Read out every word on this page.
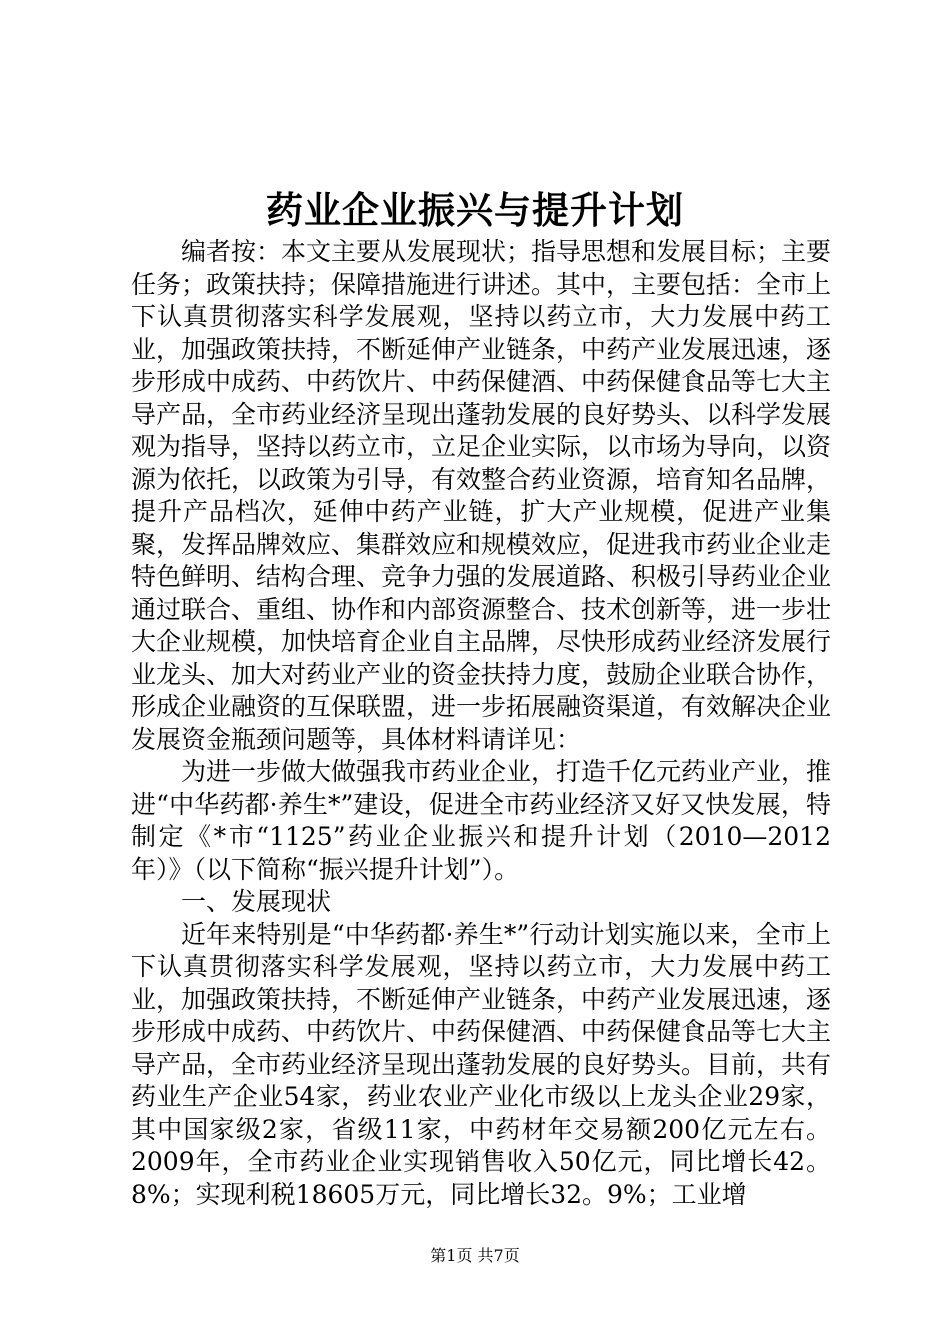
药业企业振兴与提升计划

编者按：本文主要从发展现状；指导思想和发展目标；主要任务；政策扶持；保障措施进行讲述。其中，主要包括：全市上下认真贯彻落实科学发展观，坚持以药立市，大力发展中药工业，加强政策扶持，不断延伸产业链条，中药产业发展迅速，逐步形成中成药、中药饮片、中药保健酒、中药保健食品等七大主导产品，全市药业经济呈现出蓬勃发展的良好势头、以科学发展观为指导，坚持以药立市，立足企业实际，以市场为导向，以资源为依托，以政策为引导，有效整合药业资源，培育知名品牌，提升产品档次，延伸中药产业链，扩大产业规模，促进产业集聚，发挥品牌效应、集群效应和规模效应，促进我市药业企业走特色鲜明、结构合理、竞争力强的发展道路、积极引导药业企业通过联合、重组、协作和内部资源整合、技术创新等，进一步壮大企业规模，加快培育企业自主品牌，尽快形成药业经济发展行业龙头、加大对药业产业的资金扶持力度，鼓励企业联合协作，形成企业融资的互保联盟，进一步拓展融资渠道，有效解决企业发展资金瓶颈问题等，具体材料请详见：

为进一步做大做强我市药业企业，打造千亿元药业产业，推进“中华药都·养生*”建设，促进全市药业经济又好又快发展，特制定《*市“1125”药业企业振兴和提升计划（2010—2012年）》（以下简称“振兴提升计划”）。

一、发展现状

近年来特别是“中华药都·养生*”行动计划实施以来，全市上下认真贯彻落实科学发展观，坚持以药立市，大力发展中药工业，加强政策扶持，不断延伸产业链条，中药产业发展迅速，逐步形成中成药、中药饮片、中药保健酒、中药保健食品等七大主导产品，全市药业经济呈现出蓬勃发展的良好势头。目前，共有药业生产企业54家，药业农业产业化市级以上龙头企业29家，其中国家级2家，省级11家，中药材年交易额200亿元左右。2009年，全市药业企业实现销售收入50亿元，同比增长42。8%；实现利税18605万元，同比增长32。9%；工业增

第1页 共7页
